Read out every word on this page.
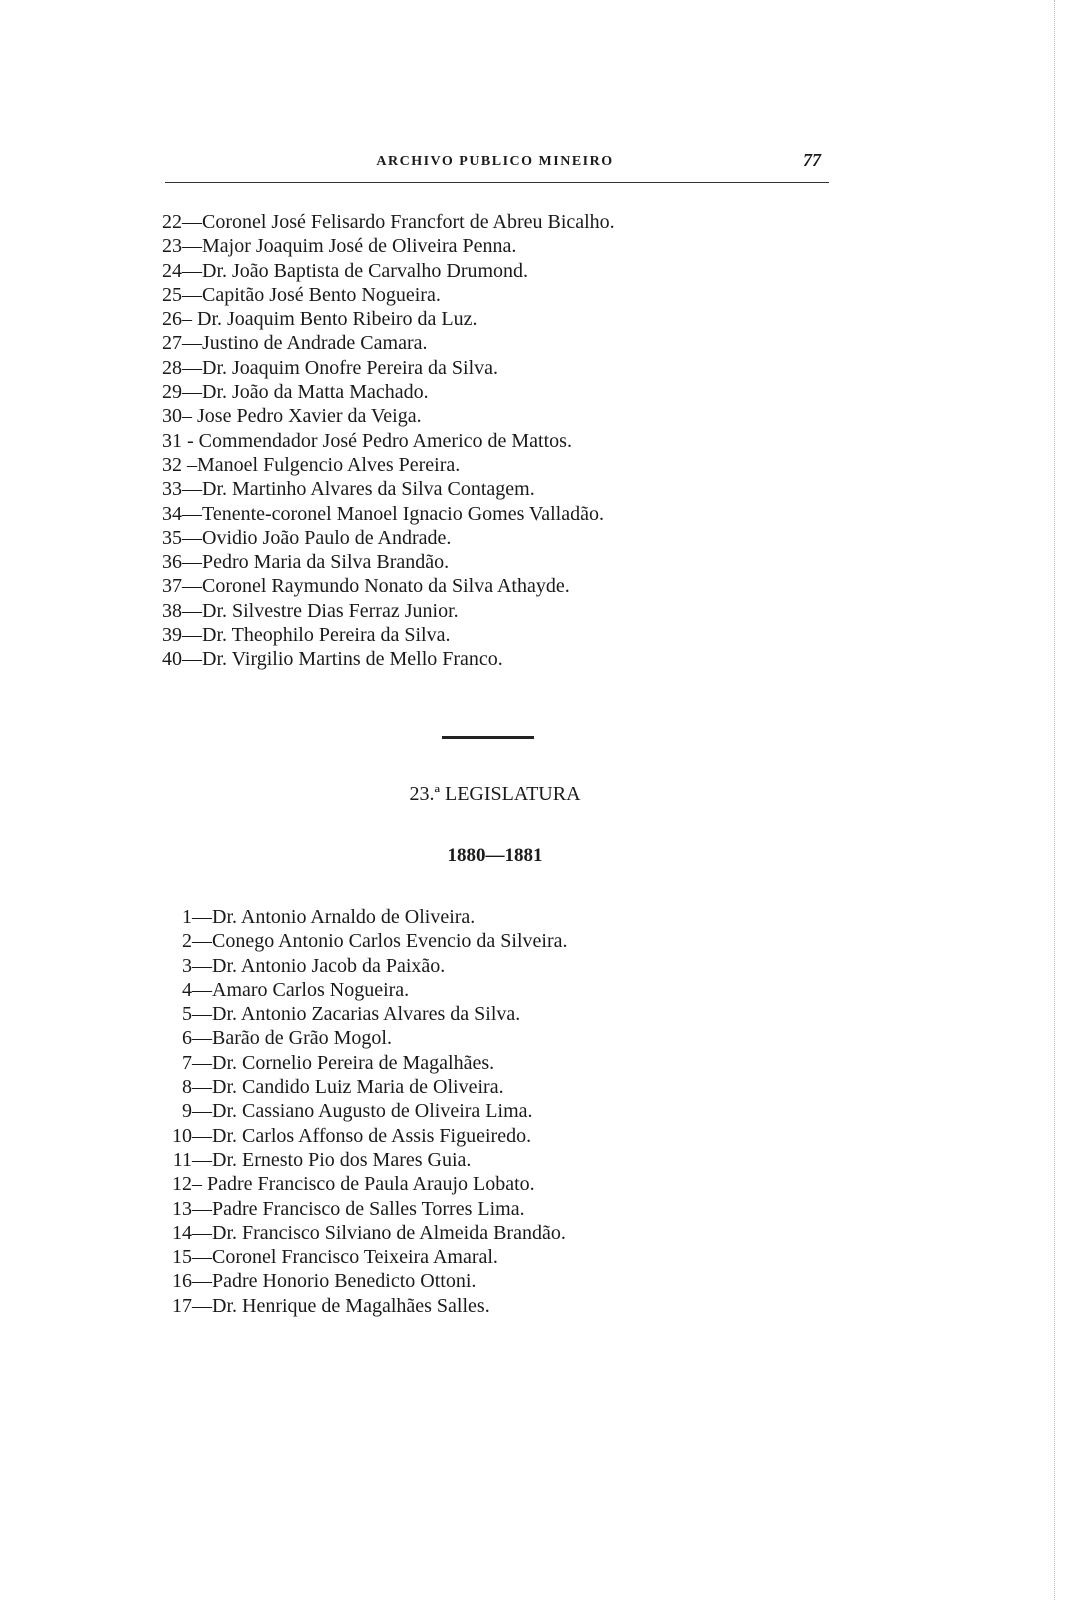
ARCHIVO PUBLICO MINEIRO	77
22—Coronel José Felisardo Francfort de Abreu Bicalho.
23—Major Joaquim José de Oliveira Penna.
24—Dr. João Baptista de Carvalho Drumond.
25—Capitão José Bento Nogueira.
26– Dr. Joaquim Bento Ribeiro da Luz.
27—Justino de Andrade Camara.
28—Dr. Joaquim Onofre Pereira da Silva.
29—Dr. João da Matta Machado.
30– Jose Pedro Xavier da Veiga.
31 - Commendador José Pedro Americo de Mattos.
32 –Manoel Fulgencio Alves Pereira.
33—Dr. Martinho Alvares da Silva Contagem.
34—Tenente-coronel Manoel Ignacio Gomes Valladão.
35—Ovidio João Paulo de Andrade.
36—Pedro Maria da Silva Brandão.
37—Coronel Raymundo Nonato da Silva Athayde.
38—Dr. Silvestre Dias Ferraz Junior.
39—Dr. Theophilo Pereira da Silva.
40—Dr. Virgilio Martins de Mello Franco.
23.ª LEGISLATURA
1880—1881
1—Dr. Antonio Arnaldo de Oliveira.
2—Conego Antonio Carlos Evencio da Silveira.
3—Dr. Antonio Jacob da Paixão.
4—Amaro Carlos Nogueira.
5—Dr. Antonio Zacarias Alvares da Silva.
6—Barão de Grão Mogol.
7—Dr. Cornelio Pereira de Magalhães.
8—Dr. Candido Luiz Maria de Oliveira.
9—Dr. Cassiano Augusto de Oliveira Lima.
10—Dr. Carlos Affonso de Assis Figueiredo.
11—Dr. Ernesto Pio dos Mares Guia.
12– Padre Francisco de Paula Araujo Lobato.
13—Padre Francisco de Salles Torres Lima.
14—Dr. Francisco Silviano de Almeida Brandão.
15—Coronel Francisco Teixeira Amaral.
16—Padre Honorio Benedicto Ottoni.
17—Dr. Henrique de Magalhães Salles.
